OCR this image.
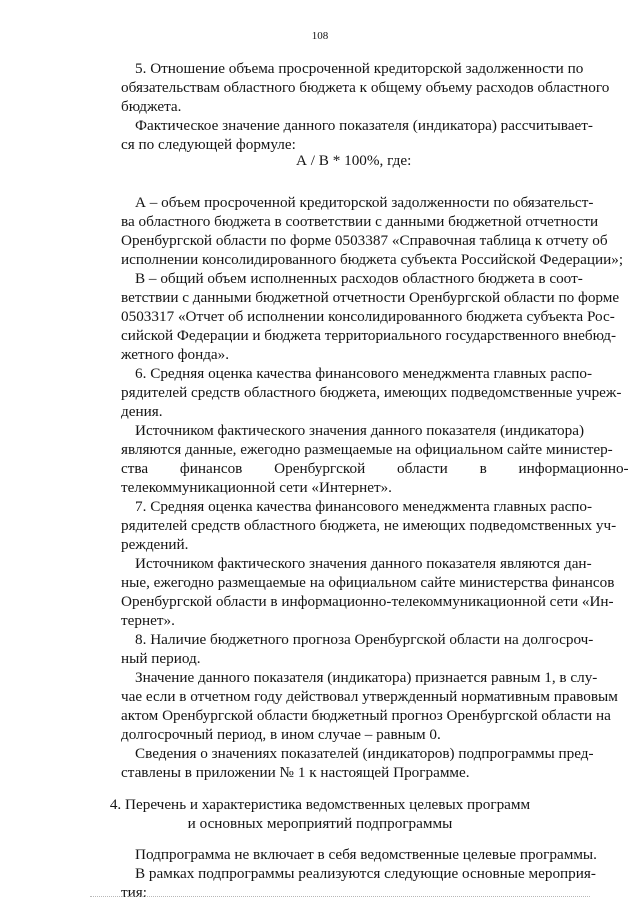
108
5. Отношение объема просроченной кредиторской задолженности по
обязательствам областного бюджета к общему объему расходов областного
бюджета.
Фактическое значение данного показателя (индикатора) рассчитывает-
ся по следующей формуле:
А / В * 100%, где:
А – объем просроченной кредиторской задолженности по обязательст-
ва областного бюджета в соответствии с данными бюджетной отчетности
Оренбургской области по форме 0503387 «Справочная таблица к отчету об
исполнении консолидированного бюджета субъекта Российской Федерации»;
В – общий объем исполненных расходов областного бюджета в соот-
ветствии с данными бюджетной отчетности Оренбургской области по форме
0503317 «Отчет об исполнении консолидированного бюджета субъекта Рос-
сийской Федерации и бюджета территориального государственного внебюд-
жетного фонда».
6. Средняя оценка качества финансового менеджмента главных распо-
рядителей средств областного бюджета, имеющих подведомственные учреж-
дения.
Источником фактического значения данного показателя (индикатора)
являются данные, ежегодно размещаемые на официальном сайте министер-
ства финансов Оренбургской области в информационно-
телекоммуникационной сети «Интернет».
7. Средняя оценка качества финансового менеджмента главных распо-
рядителей средств областного бюджета, не имеющих подведомственных уч-
реждений.
Источником фактического значения данного показателя являются дан-
ные, ежегодно размещаемые на официальном сайте министерства финансов
Оренбургской области в информационно-телекоммуникационной сети «Ин-
тернет».
8. Наличие бюджетного прогноза Оренбургской области на долгосроч-
ный период.
Значение данного показателя (индикатора) признается равным 1, в слу-
чае если в отчетном году действовал утвержденный нормативным правовым
актом Оренбургской области бюджетный прогноз Оренбургской области на
долгосрочный период, в ином случае – равным 0.
Сведения о значениях показателей (индикаторов) подпрограммы пред-
ставлены в приложении № 1 к настоящей Программе.
4. Перечень и характеристика ведомственных целевых программ
и основных мероприятий подпрограммы
Подпрограмма не включает в себя ведомственные целевые программы.
В рамках подпрограммы реализуются следующие основные мероприя-
тия:
